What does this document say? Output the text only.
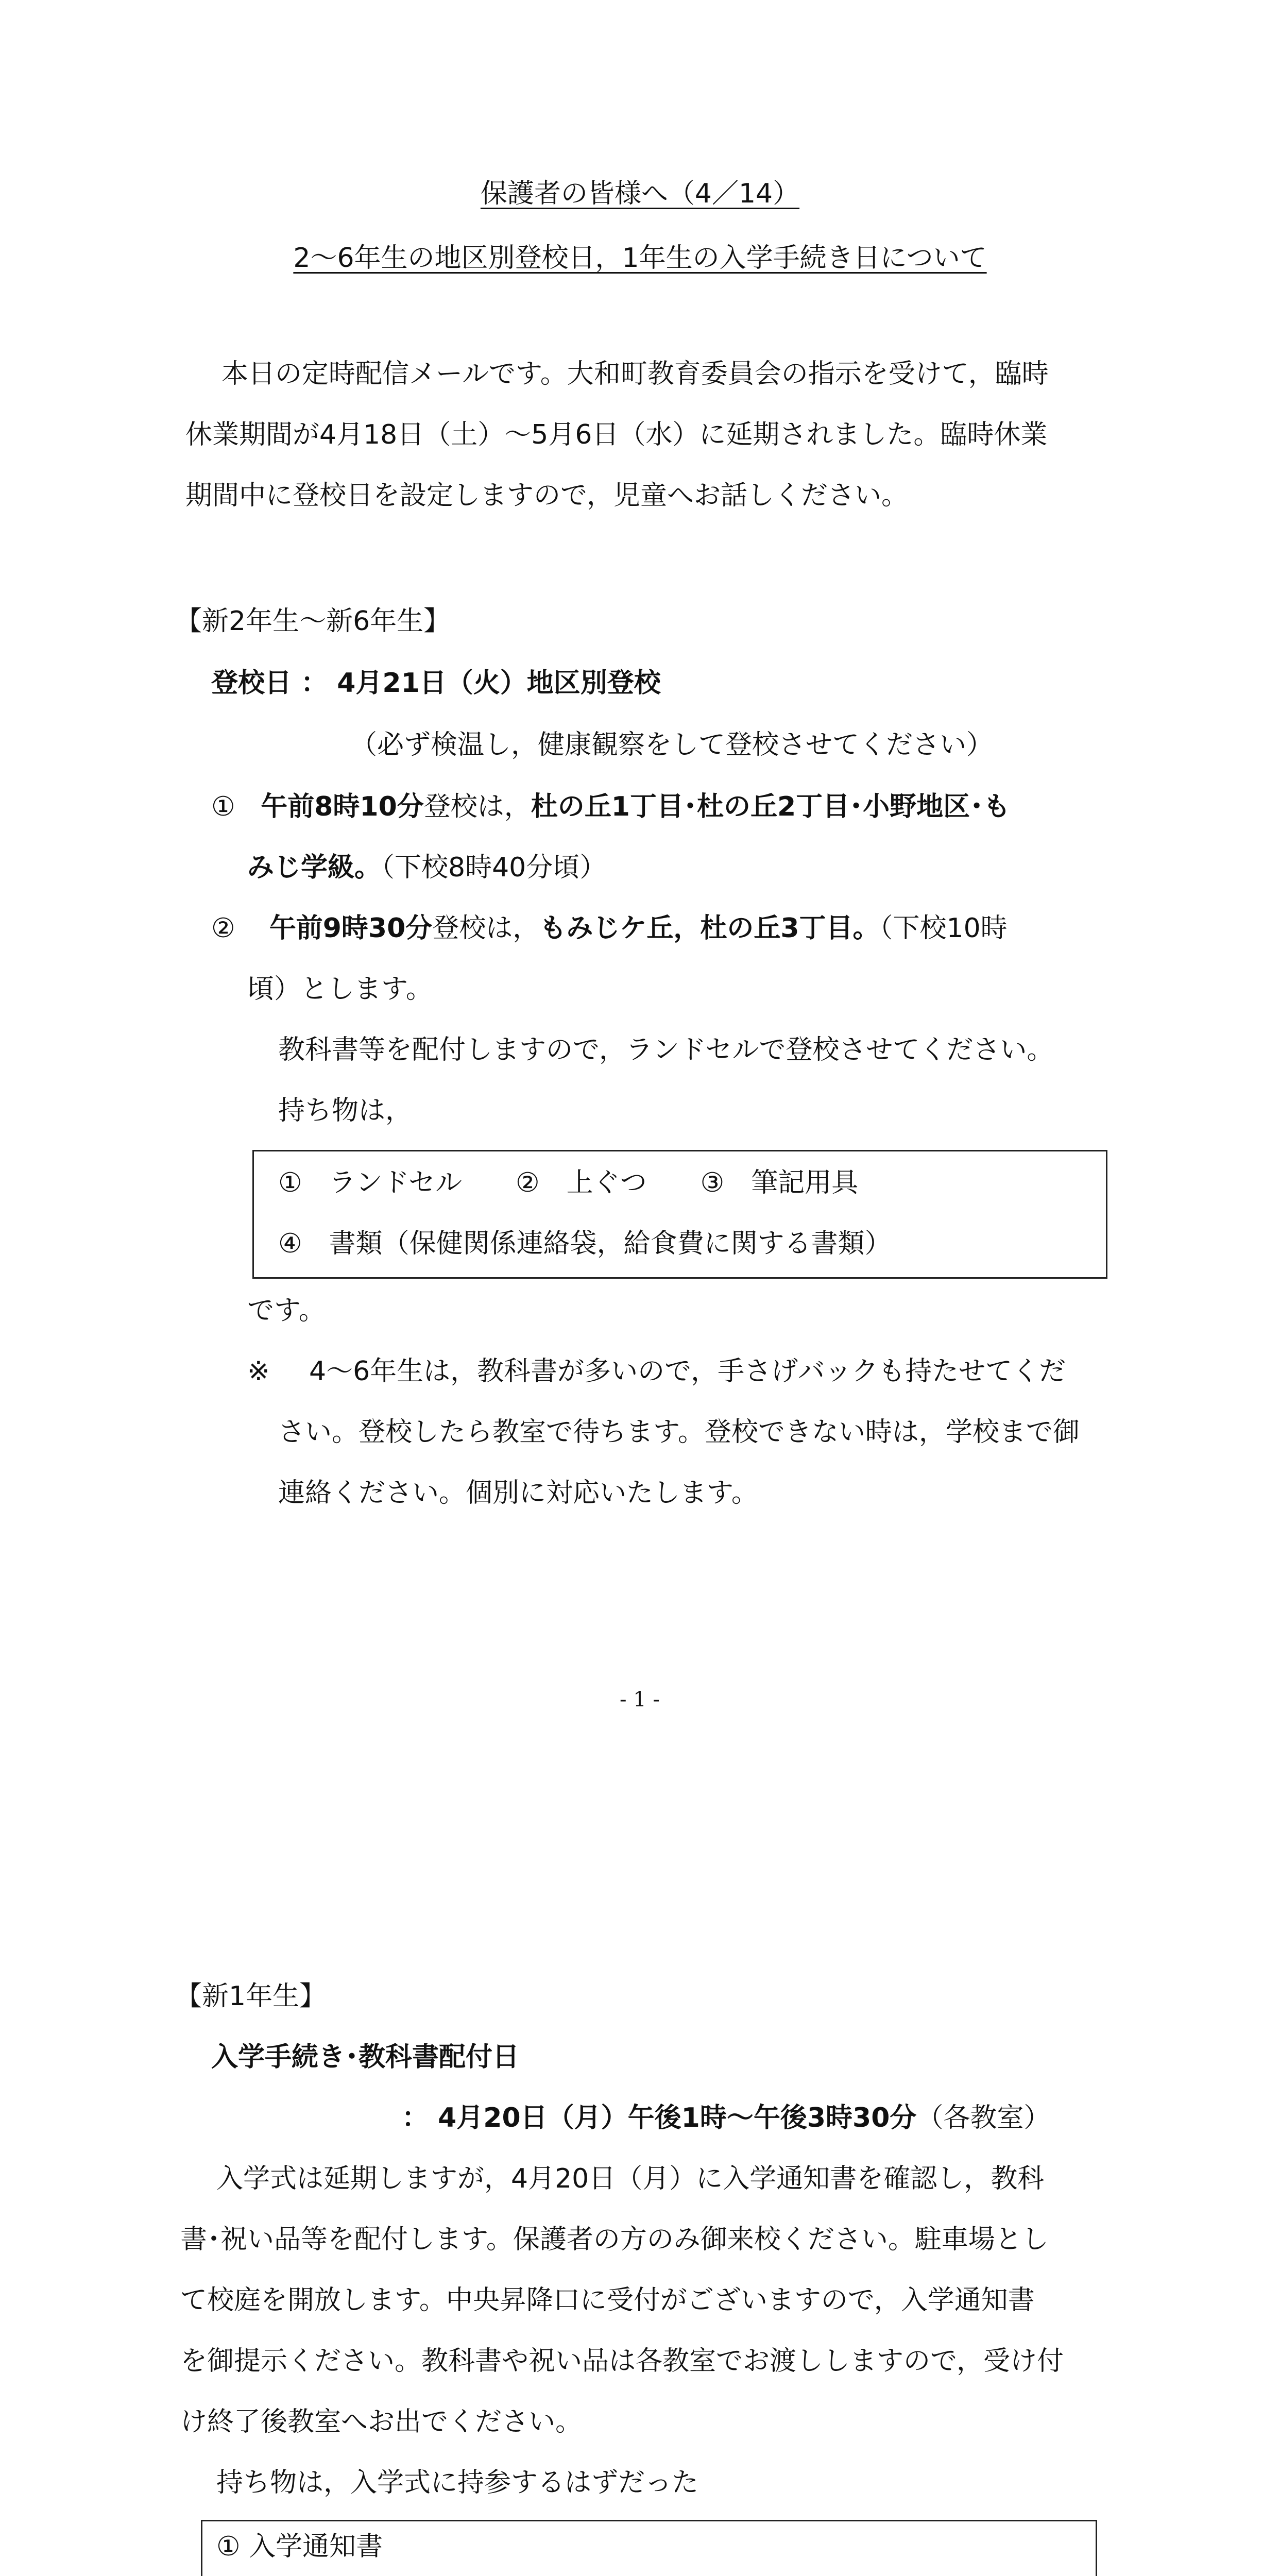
保護者の皆様へ（4／14）

2～6年生の地区別登校日，1年生の入学手続き日について

本日の定時配信メールです。大和町教育委員会の指示を受けて，臨時

休業期間が4月18日（土）～5月6日（水）に延期されました。臨時休業

期間中に登校日を設定しますので，児童へお話しください。

【新2年生～新6年生】

登校日 ： 4月21日（火）地区別登校

（必ず検温し，健康観察をして登校させてください）

① 午前8時10分登校は，杜の丘1丁目･杜の丘2丁目･小野地区･も

みじ学級。（下校8時40分頃）

② 午前9時30分登校は，もみじケ丘，杜の丘3丁目。（下校10時

頃）とします。

教科書等を配付しますので，ランドセルで登校させてください。

持ち物は，

①　ランドセル　　②　上ぐつ　　③　筆記用具

④　書類（保健関係連絡袋，給食費に関する書類）

です。

※ 4～6年生は，教科書が多いので，手さげバックも持たせてくだ

さい。登校したら教室で待ちます。登校できない時は，学校まで御

連絡ください。個別に対応いたします。

- 1 -

【新1年生】

入学手続き･教科書配付日

： 4月20日（月）午後1時～午後3時30分（各教室）

入学式は延期しますが，4月20日（月）に入学通知書を確認し，教科

書･祝い品等を配付します。保護者の方のみ御来校ください。駐車場とし

て校庭を開放します。中央昇降口に受付がございますので，入学通知書

を御提示ください。教科書や祝い品は各教室でお渡ししますので，受け付

け終了後教室へお出でください。

持ち物は，入学式に持参するはずだった

① 入学通知書
